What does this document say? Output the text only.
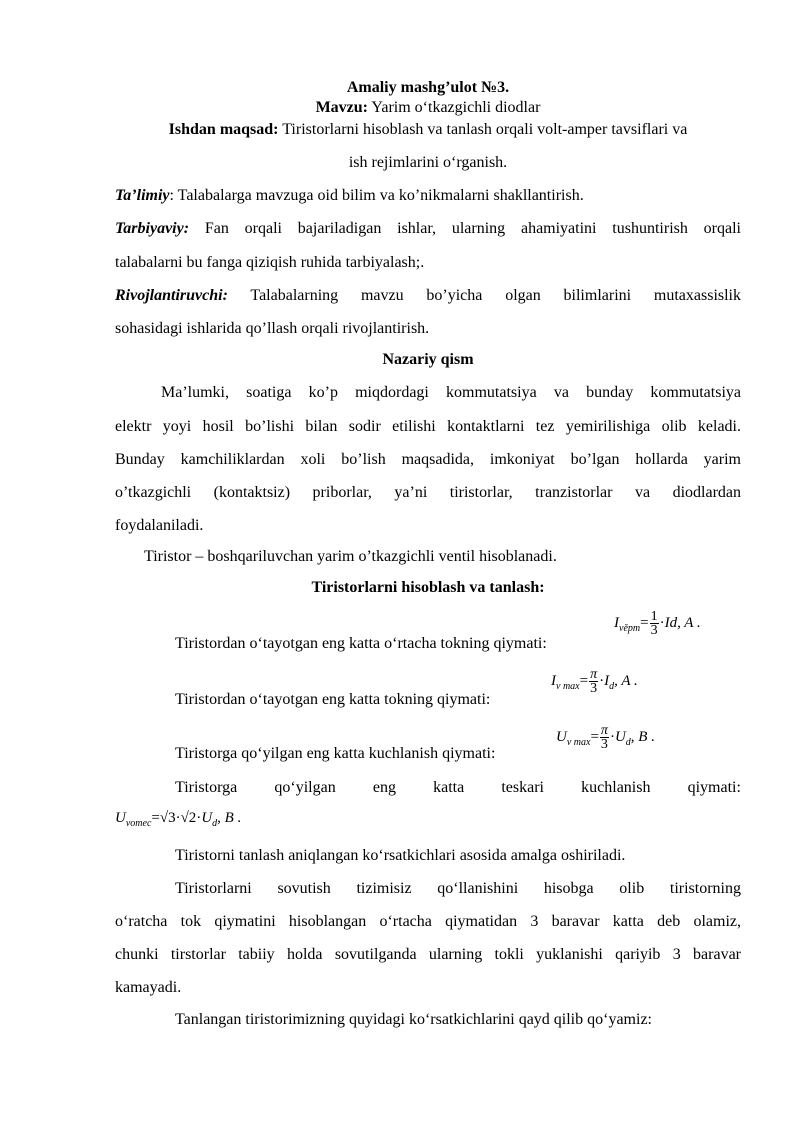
Amaliy mashg’ulot №3.
Mavzu: Yarim o‘tkazgichli diodlar
Ishdan maqsad: Tiristorlarni hisoblash va tanlash orqali volt-amper tavsiflari va
ish rejimlarini o‘rganish.
Ta’limiy: Talabalarga mavzuga oid bilim va ko’nikmalarni shakllantirish.
Tarbiyaviy: Fan orqali bajariladigan ishlar, ularning ahamiyatini tushuntirish orqali
talabalarni bu fanga qiziqish ruhida tarbiyalash;.
Rivojlantiruvchi: Talabalarning mavzu bo’yicha olgan bilimlarini mutaxassislik
sohasidagi ishlarida qo’llash orqali rivojlantirish.
Nazariy qism
Ma’lumki, soatiga ko’p miqdordagi kommutatsiya va bunday kommutatsiya
elektr yoyi hosil bo’lishi bilan sodir etilishi kontaktlarni tez yemirilishiga olib keladi.
Bunday kamchiliklardan xoli bo’lish maqsadida, imkoniyat bo’lgan hollarda yarim
o’tkazgichli (kontaktsiz) priborlar, ya’ni tiristorlar, tranzistorlar va diodlardan
foydalaniladi.
Tiristor – boshqariluvchan yarim o’tkazgichli ventil hisoblanadi.
Tiristorlarni hisoblash va tanlash:
Tiristordan o‘tayotgan eng katta o‘rtacha tokning qiymati:
$I_{věpm}= \frac{1}{3} \cdot Id$, A .
Tiristordan o‘tayotgan eng katta tokning qiymati:
$I_{v max}= \frac{\pi}{3} \cdot I_d$, A .
Tiristorga qo‘yilgan eng katta kuchlanish qiymati:
$U_{v max}= \frac{\pi}{3} \cdot U_d$, B .
Tiristorga qo‘yilgan eng katta teskari kuchlanish qiymati:
$U_{vomec}=√3\cdot√2\cdot U_d$, B .
Tiristorni tanlash aniqlangan ko‘rsatkichlari asosida amalga oshiriladi.
Tiristorlarni sovutish tizimisiz qo‘llanishini hisobga olib tiristorning
o‘ratcha tok qiymatini hisoblangan o‘rtacha qiymatidan 3 baravar katta deb olamiz,
chunki tirstorlar tabiiy holda sovutilganda ularning tokli yuklanishi qariyib 3 baravar
kamayadi.
Tanlangan tiristorimizning quyidagi ko‘rsatkichlarini qayd qilib qo‘yamiz:
